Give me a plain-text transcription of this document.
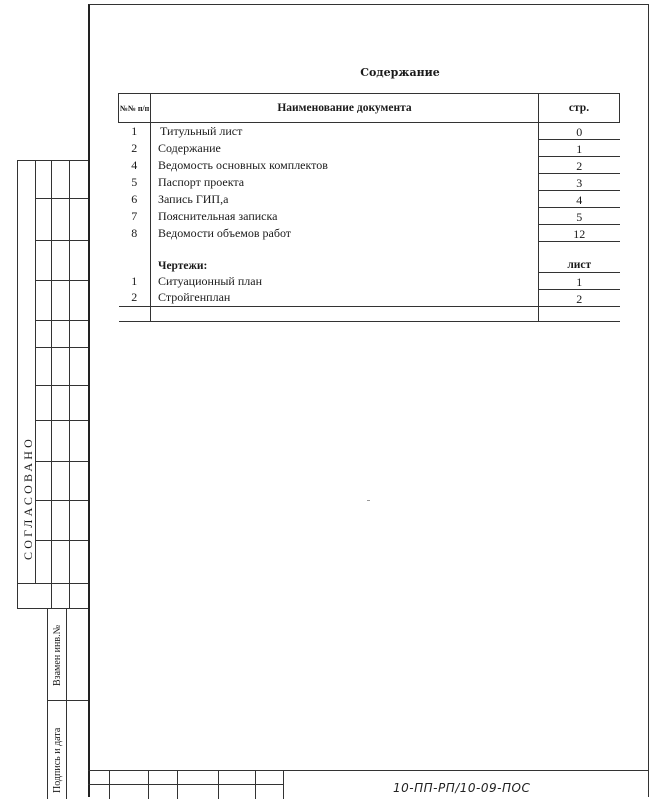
Содержание
№№ п/п	Наименование документа	стр.
1	Титульный лист	0
2	Содержание	1
4	Ведомость основных комплектов	2
5	Паспорт проекта	3
6	Запись ГИП,а	4
7	Пояснительная записка	5
8	Ведомости объемов работ	12

	Чертежи:	лист
1	Ситуационный план	1
2	Стройгенплан	2

СОГЛАСОВАНО
Взамен инв.№
Подпись и дата	10-ПП-РП/10-09-ПОС
